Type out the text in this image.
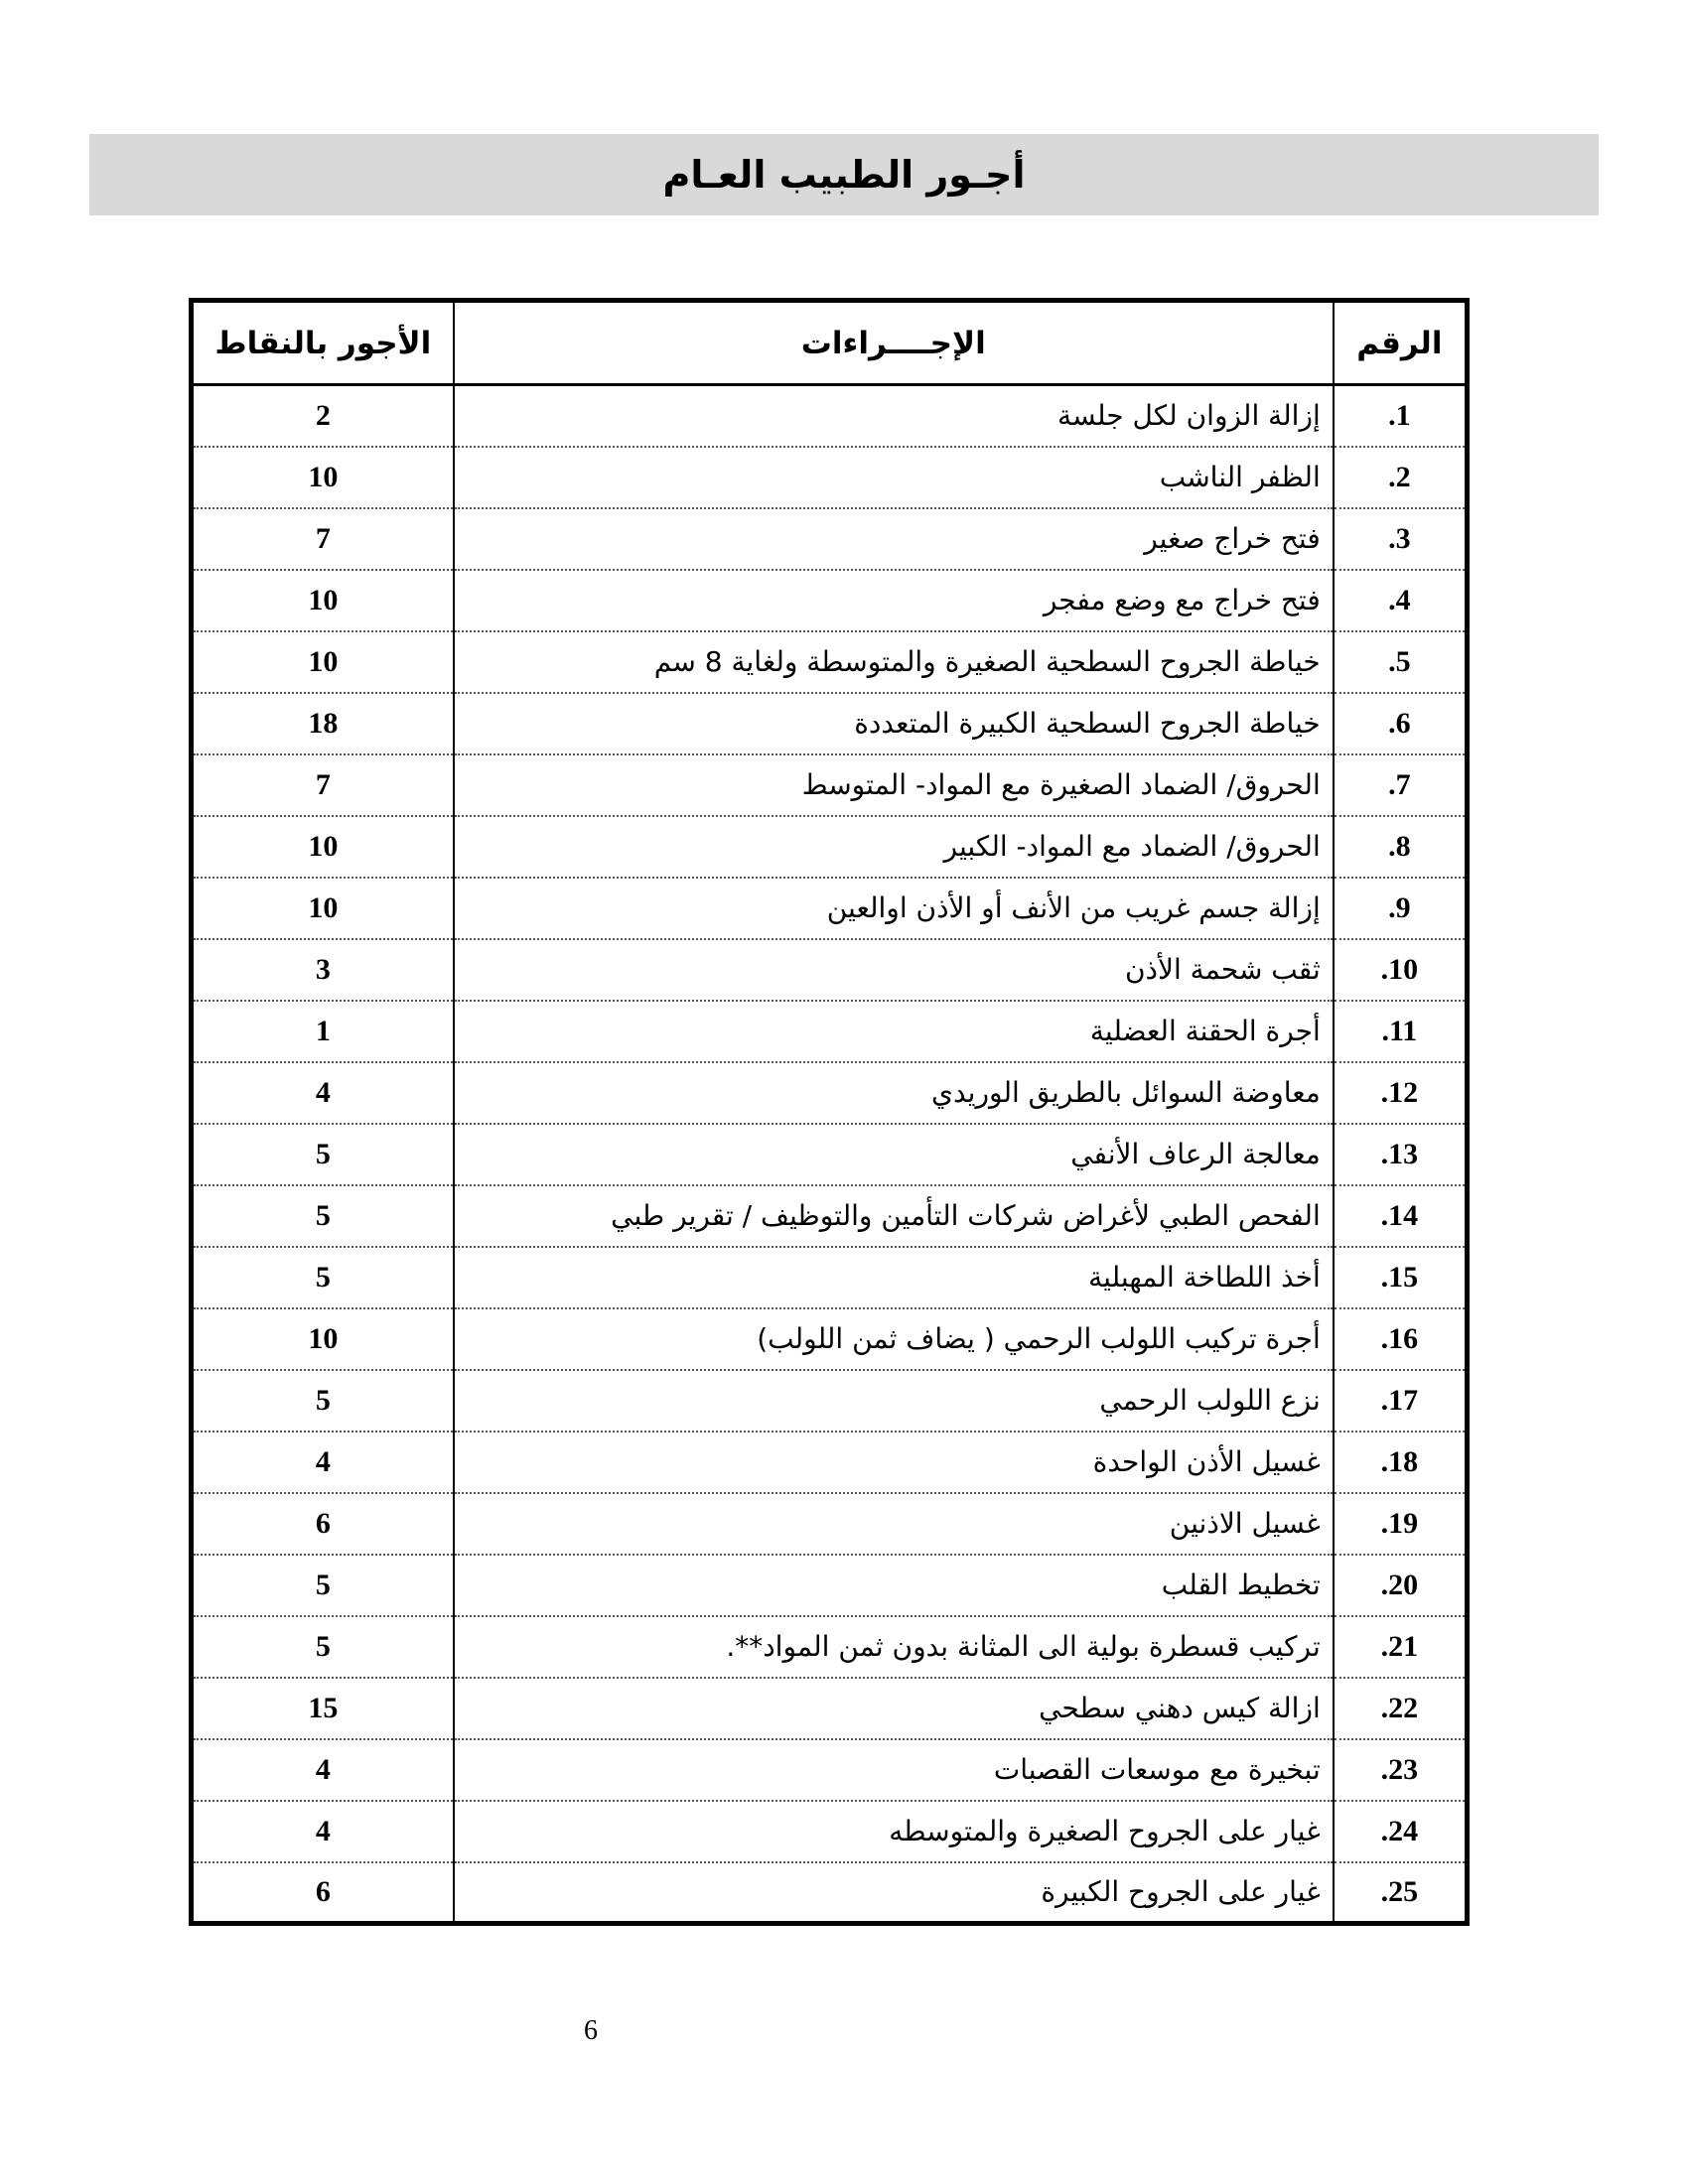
أجـور الطبيب العـام
الأجور بالنقاط	الإجــــراءات	الرقم
2	إزالة الزوان لكل جلسة	.1
10	الظفر الناشب	.2
7	فتح خراج صغير	.3
10	فتح خراج مع وضع مفجر	.4
10	خياطة الجروح السطحية الصغيرة والمتوسطة ولغاية 8 سم	.5
18	خياطة الجروح السطحية الكبيرة المتعددة	.6
7	الحروق/ الضماد الصغيرة مع المواد- المتوسط	.7
10	الحروق/ الضماد مع المواد- الكبير	.8
10	إزالة جسم غريب من الأنف أو الأذن اوالعين	.9
3	ثقب شحمة الأذن	.10
1	أجرة الحقنة العضلية	.11
4	معاوضة السوائل بالطريق الوريدي	.12
5	معالجة الرعاف الأنفي	.13
5	الفحص الطبي لأغراض شركات التأمين والتوظيف / تقرير طبي	.14
5	أخذ اللطاخة المهبلية	.15
10	أجرة تركيب اللولب الرحمي ( يضاف ثمن اللولب)	.16
5	نزع اللولب الرحمي	.17
4	غسيل الأذن الواحدة	.18
6	غسيل الاذنين	.19
5	تخطيط القلب	.20
5	تركيب قسطرة بولية الى المثانة بدون ثمن المواد**.	.21
15	ازالة كيس دهني سطحي	.22
4	تبخيرة مع موسعات القصبات	.23
4	غيار على الجروح الصغيرة والمتوسطه	.24
6	غيار على الجروح الكبيرة	.25
6
